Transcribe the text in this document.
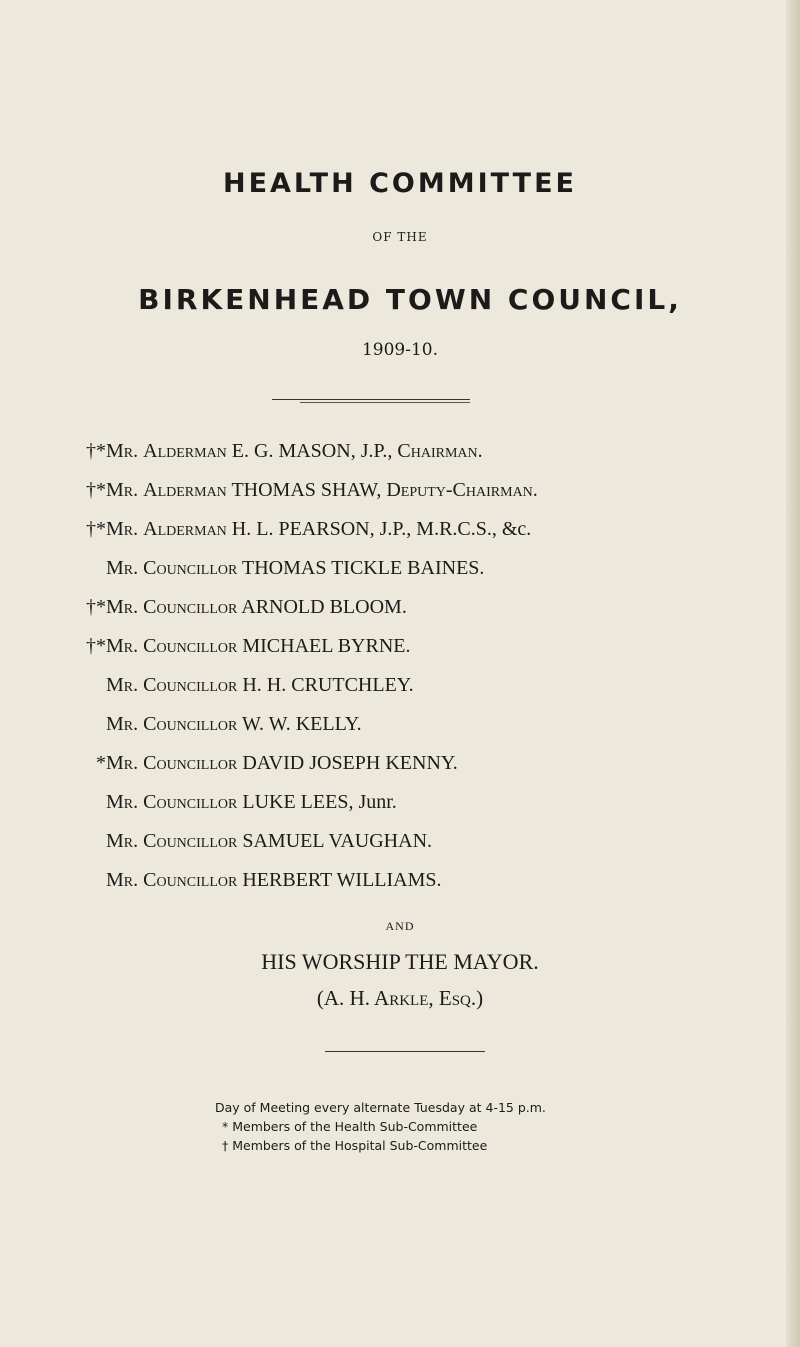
HEALTH COMMITTEE
OF THE
BIRKENHEAD TOWN COUNCIL,
1909-10.
†* Mr. Alderman E. G. MASON, J.P., Chairman.
†* Mr. Alderman THOMAS SHAW, Deputy-Chairman.
†* Mr. Alderman H. L. PEARSON, J.P., M.R.C.S., &c.
Mr. Councillor THOMAS TICKLE BAINES.
†* Mr. Councillor ARNOLD BLOOM.
†* Mr. Councillor MICHAEL BYRNE.
Mr. Councillor H. H. CRUTCHLEY.
Mr. Councillor W. W. KELLY.
* Mr. Councillor DAVID JOSEPH KENNY.
Mr. Councillor LUKE LEES, Junr.
Mr. Councillor SAMUEL VAUGHAN.
Mr. Councillor HERBERT WILLIAMS.
AND
HIS WORSHIP THE MAYOR.
(A. H. Arkle, Esq.)
Day of Meeting every alternate Tuesday at 4-15 p.m.
* Members of the Health Sub-Committee
† Members of the Hospital Sub-Committee
